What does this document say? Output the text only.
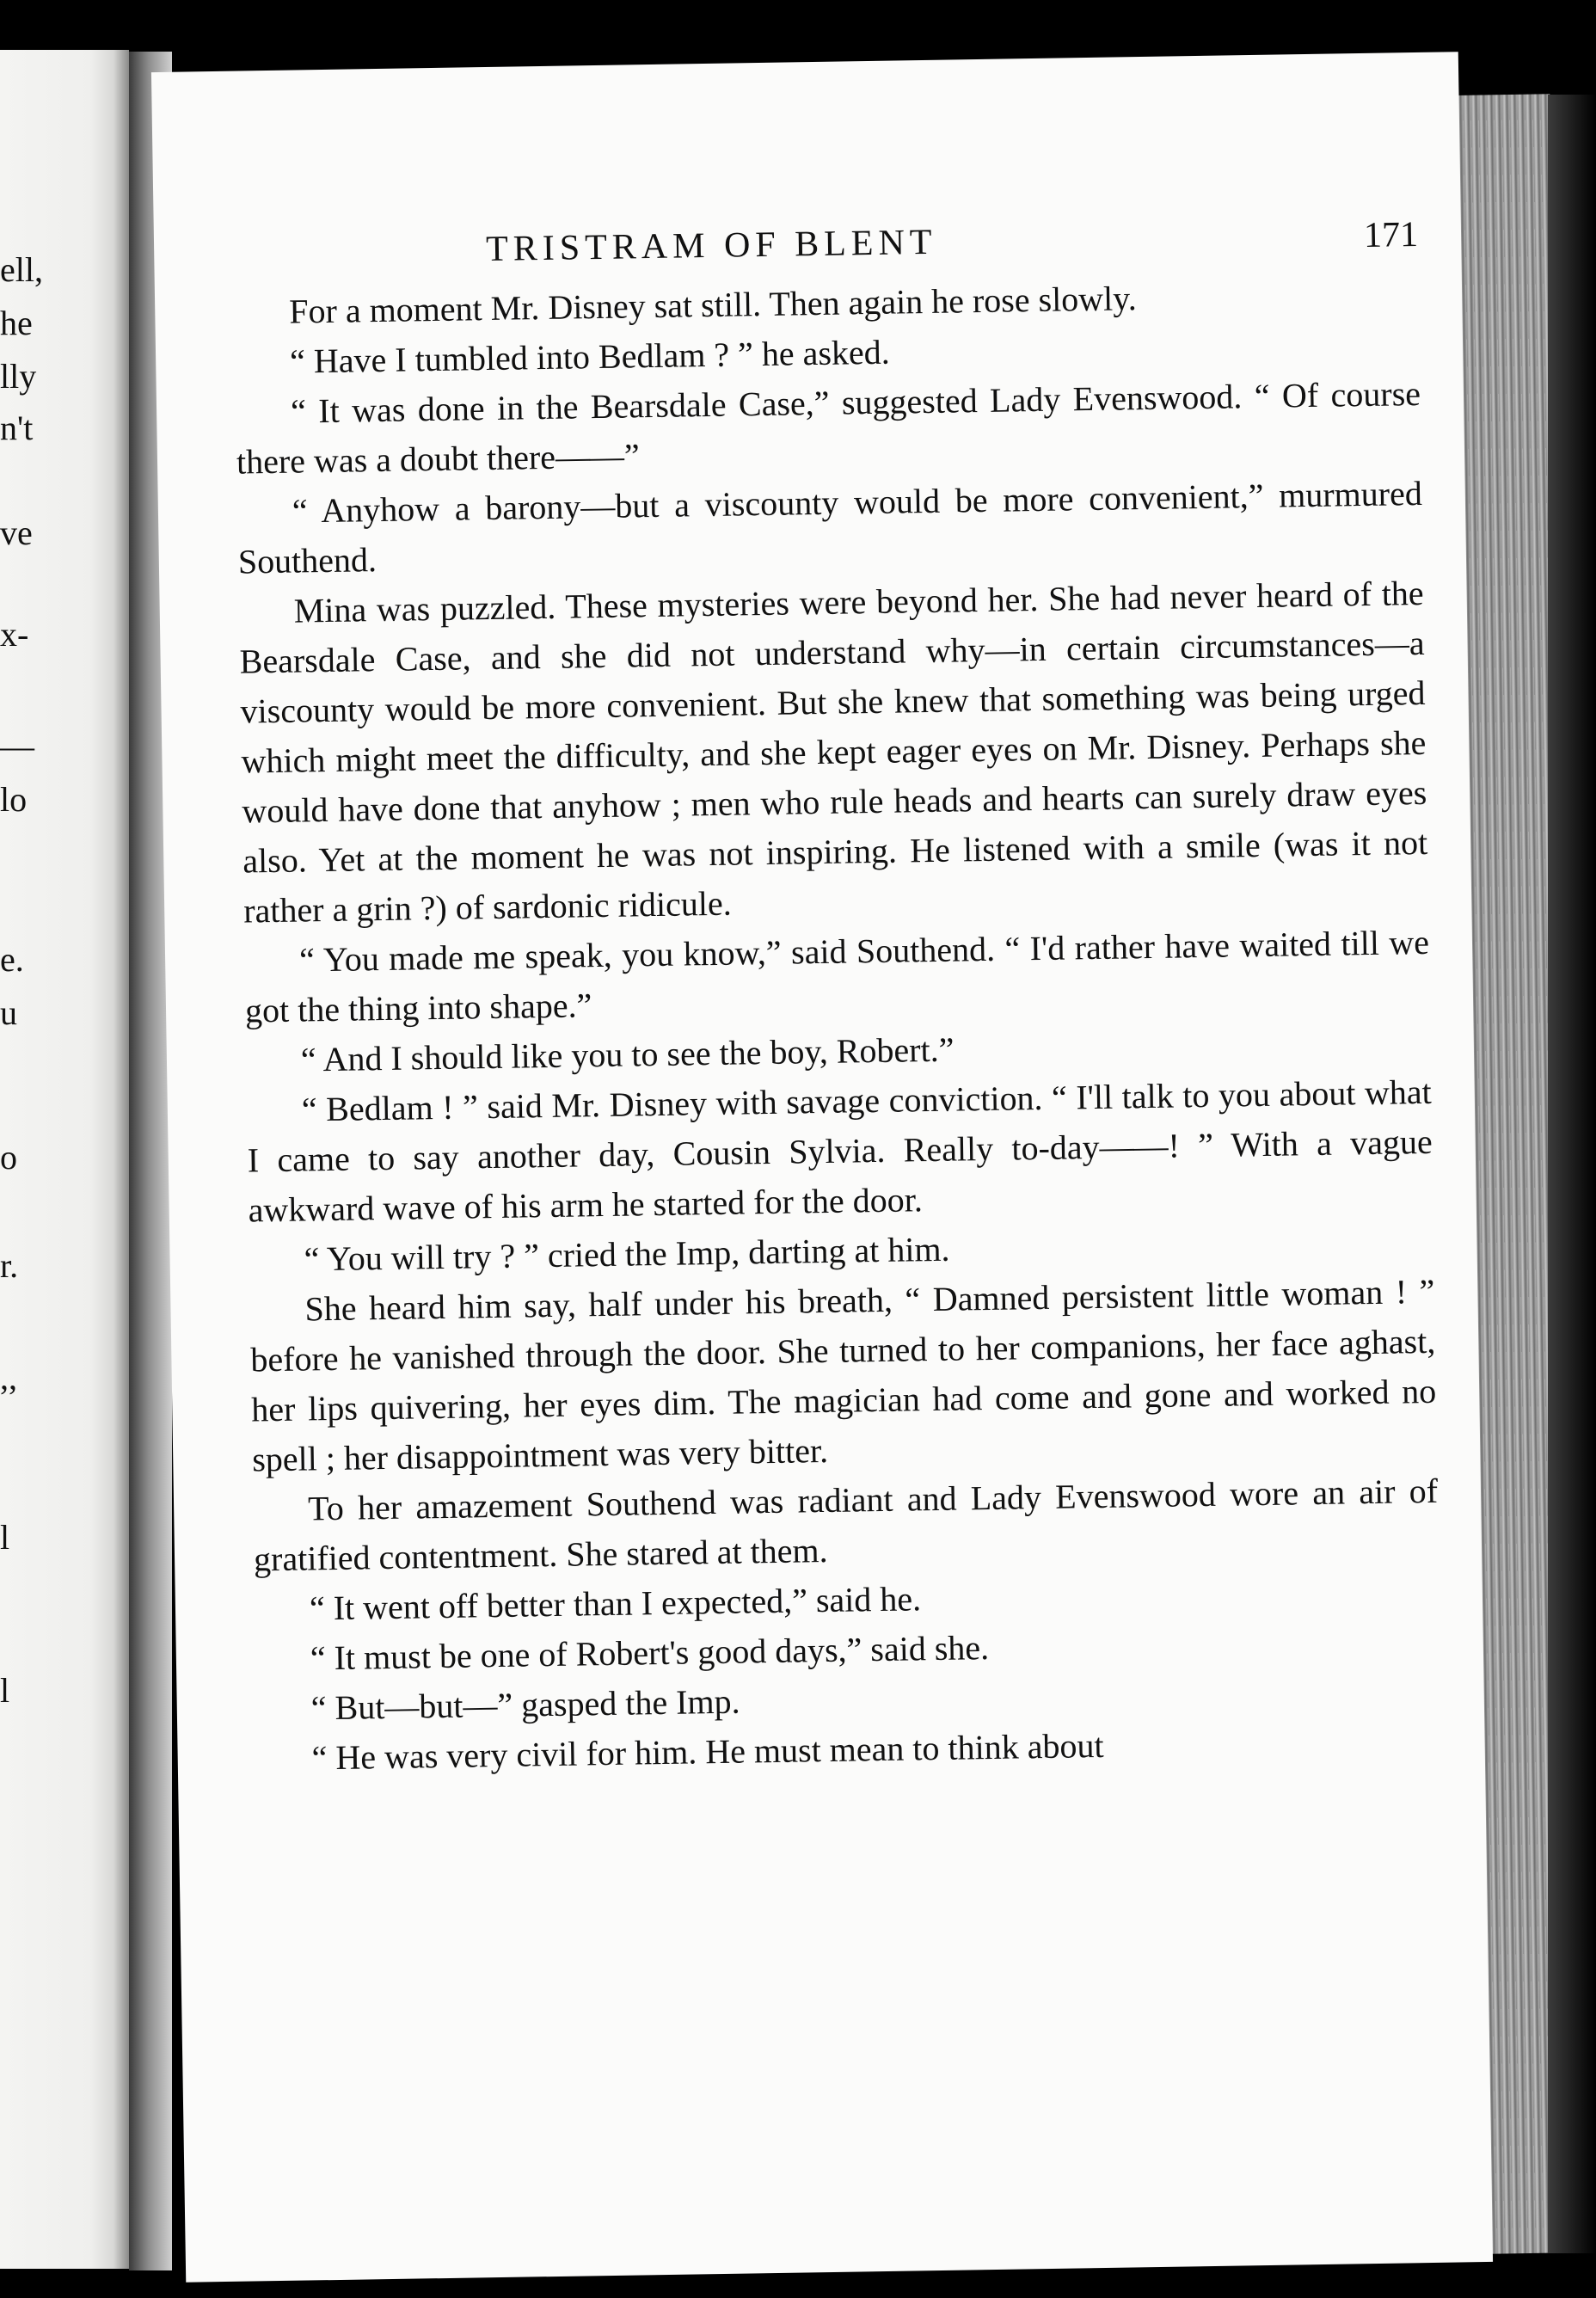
ell,
he
lly
n't
ve
x-
—
lo
e.
u
o
r.
,,
l
l
TRISTRAM OF BLENT	171

For a moment Mr. Disney sat still. Then again he rose slowly.

“ Have I tumbled into Bedlam ? ” he asked.

“ It was done in the Bearsdale Case,” suggested Lady Evenswood. “ Of course there was a doubt there——”

“ Anyhow a barony—but a viscounty would be more convenient,” murmured Southend.

Mina was puzzled. These mysteries were beyond her. She had never heard of the Bearsdale Case, and she did not understand why—in certain circumstances—a viscounty would be more convenient. But she knew that something was being urged which might meet the difficulty, and she kept eager eyes on Mr. Disney. Perhaps she would have done that anyhow ; men who rule heads and hearts can surely draw eyes also. Yet at the moment he was not inspiring. He listened with a smile (was it not rather a grin ?) of sardonic ridicule.

“ You made me speak, you know,” said Southend. “ I'd rather have waited till we got the thing into shape.”

“ And I should like you to see the boy, Robert.”

“ Bedlam ! ” said Mr. Disney with savage conviction. “ I'll talk to you about what I came to say another day, Cousin Sylvia. Really to-day——! ” With a vague awkward wave of his arm he started for the door.

“ You will try ? ” cried the Imp, darting at him.

She heard him say, half under his breath, “ Damned persistent little woman ! ” before he vanished through the door. She turned to her companions, her face aghast, her lips quivering, her eyes dim. The magician had come and gone and worked no spell ; her disappointment was very bitter.

To her amazement Southend was radiant and Lady Evenswood wore an air of gratified contentment. She stared at them.

“ It went off better than I expected,” said he.

“ It must be one of Robert's good days,” said she.

“ But—but—” gasped the Imp.

“ He was very civil for him. He must mean to think about
